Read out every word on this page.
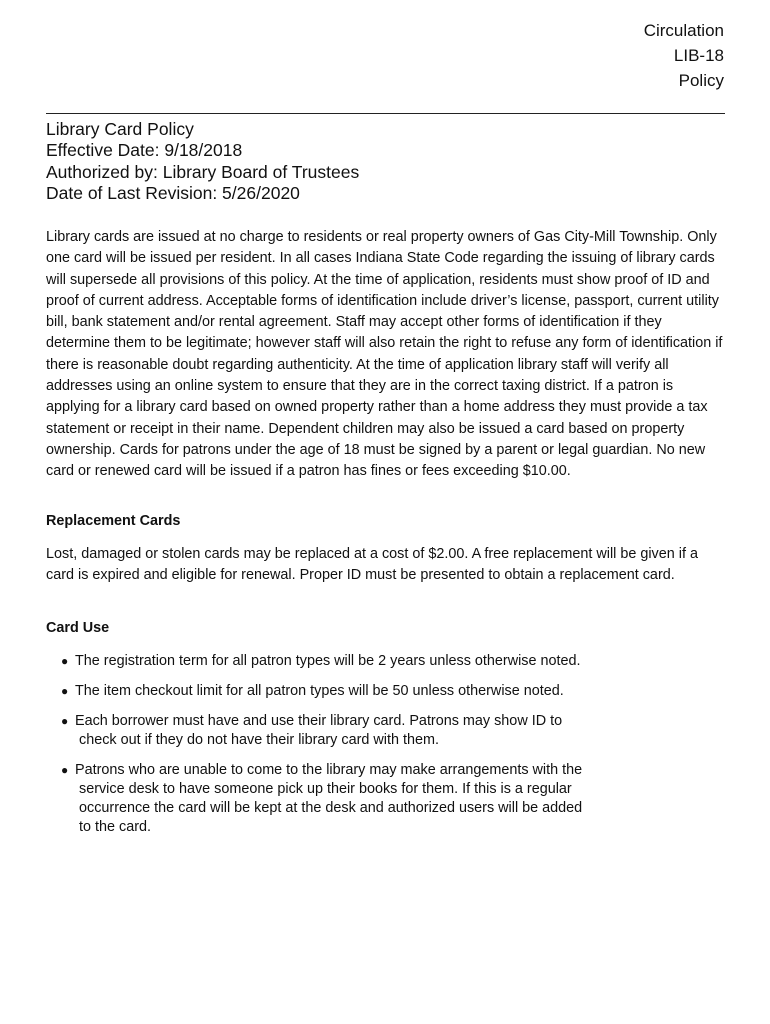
Circulation
LIB-18
Policy
Library Card Policy
Effective Date: 9/18/2018
Authorized by: Library Board of Trustees
Date of Last Revision: 5/26/2020

Library cards are issued at no charge to residents or real property owners of Gas City-Mill Township. Only one card will be issued per resident. In all cases Indiana State Code regarding the issuing of library cards will supersede all provisions of this policy. At the time of application, residents must show proof of ID and proof of current address. Acceptable forms of identification include driver’s license, passport, current utility bill, bank statement and/or rental agreement. Staff may accept other forms of identification if they determine them to be legitimate; however staff will also retain the right to refuse any form of identification if there is reasonable doubt regarding authenticity. At the time of application library staff will verify all addresses using an online system to ensure that they are in the correct taxing district. If a patron is applying for a library card based on owned property rather than a home address they must provide a tax statement or receipt in their name. Dependent children may also be issued a card based on property ownership. Cards for patrons under the age of 18 must be signed by a parent or legal guardian. No new card or renewed card will be issued if a patron has fines or fees exceeding $10.00.

Replacement Cards

Lost, damaged or stolen cards may be replaced at a cost of $2.00. A free replacement will be given if a card is expired and eligible for renewal. Proper ID must be presented to obtain a replacement card.

Card Use

● The registration term for all patron types will be 2 years unless otherwise noted.
● The item checkout limit for all patron types will be 50 unless otherwise noted.
● Each borrower must have and use their library card. Patrons may show ID to check out if they do not have their library card with them.
● Patrons who are unable to come to the library may make arrangements with the service desk to have someone pick up their books for them. If this is a regular occurrence the card will be kept at the desk and authorized users will be added to the card.
